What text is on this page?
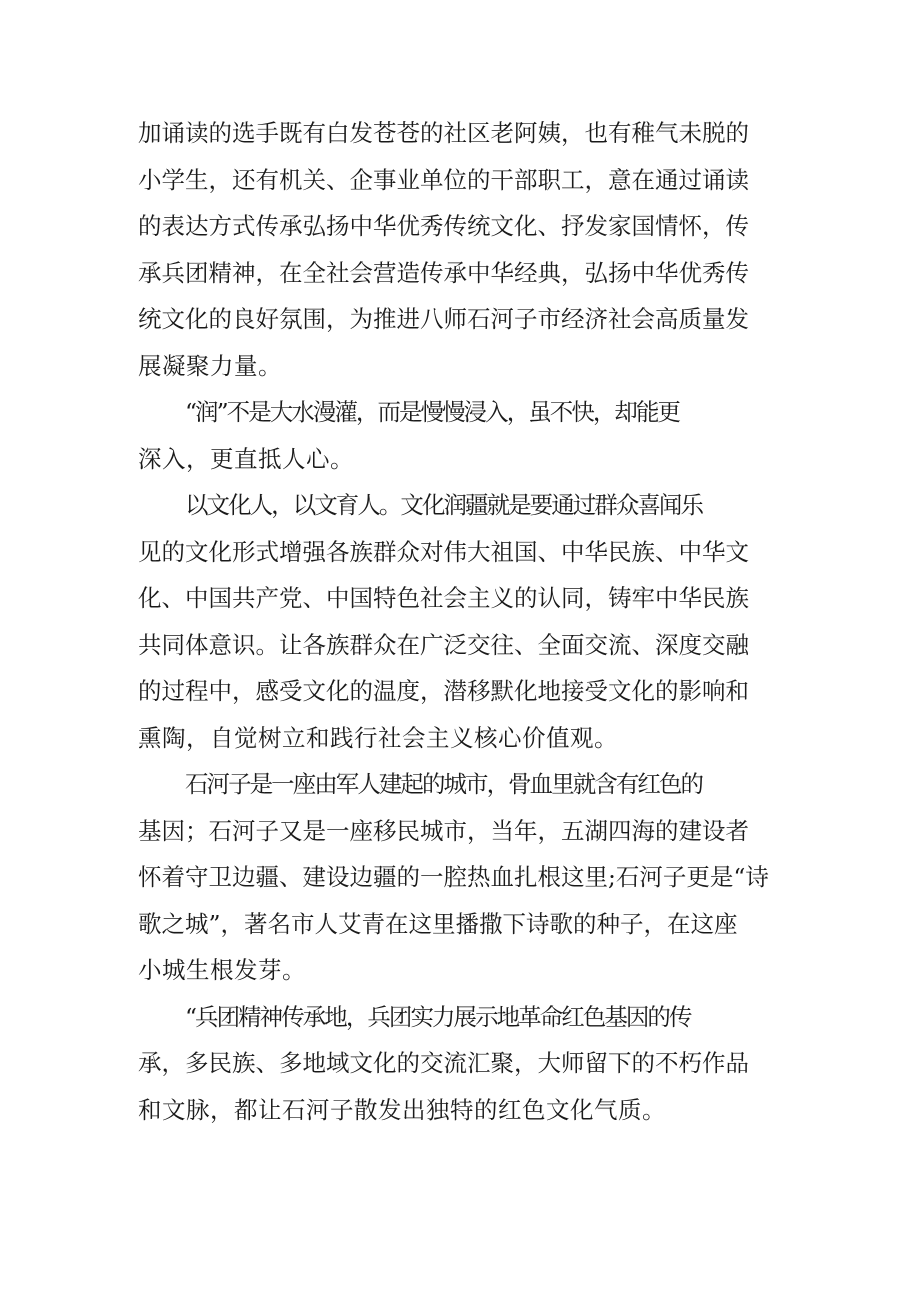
加诵读的选手既有白发苍苍的社区老阿姨，也有稚气未脱的
小学生，还有机关、企事业单位的干部职工，意在通过诵读
的表达方式传承弘扬中华优秀传统文化、抒发家国情怀，传
承兵团精神，在全社会营造传承中华经典，弘扬中华优秀传
统文化的良好氛围，为推进八师石河子市经济社会高质量发
展凝聚力量。
“润”不是大水漫灌，而是慢慢浸入，虽不快，却能更
深入，更直抵人心。
以文化人，以文育人。文化润疆就是要通过群众喜闻乐
见的文化形式增强各族群众对伟大祖国、中华民族、中华文
化、中国共产党、中国特色社会主义的认同，铸牢中华民族
共同体意识。让各族群众在广泛交往、全面交流、深度交融
的过程中，感受文化的温度，潜移默化地接受文化的影响和
熏陶，自觉树立和践行社会主义核心价值观。
石河子是一座由军人建起的城市，骨血里就含有红色的
基因；石河子又是一座移民城市，当年，五湖四海的建设者
怀着守卫边疆、建设边疆的一腔热血扎根这里;石河子更是“诗
歌之城”，著名市人艾青在这里播撒下诗歌的种子，在这座
小城生根发芽。
“兵团精神传承地，兵团实力展示地革命红色基因的传
承，多民族、多地域文化的交流汇聚，大师留下的不朽作品
和文脉，都让石河子散发出独特的红色文化气质。
